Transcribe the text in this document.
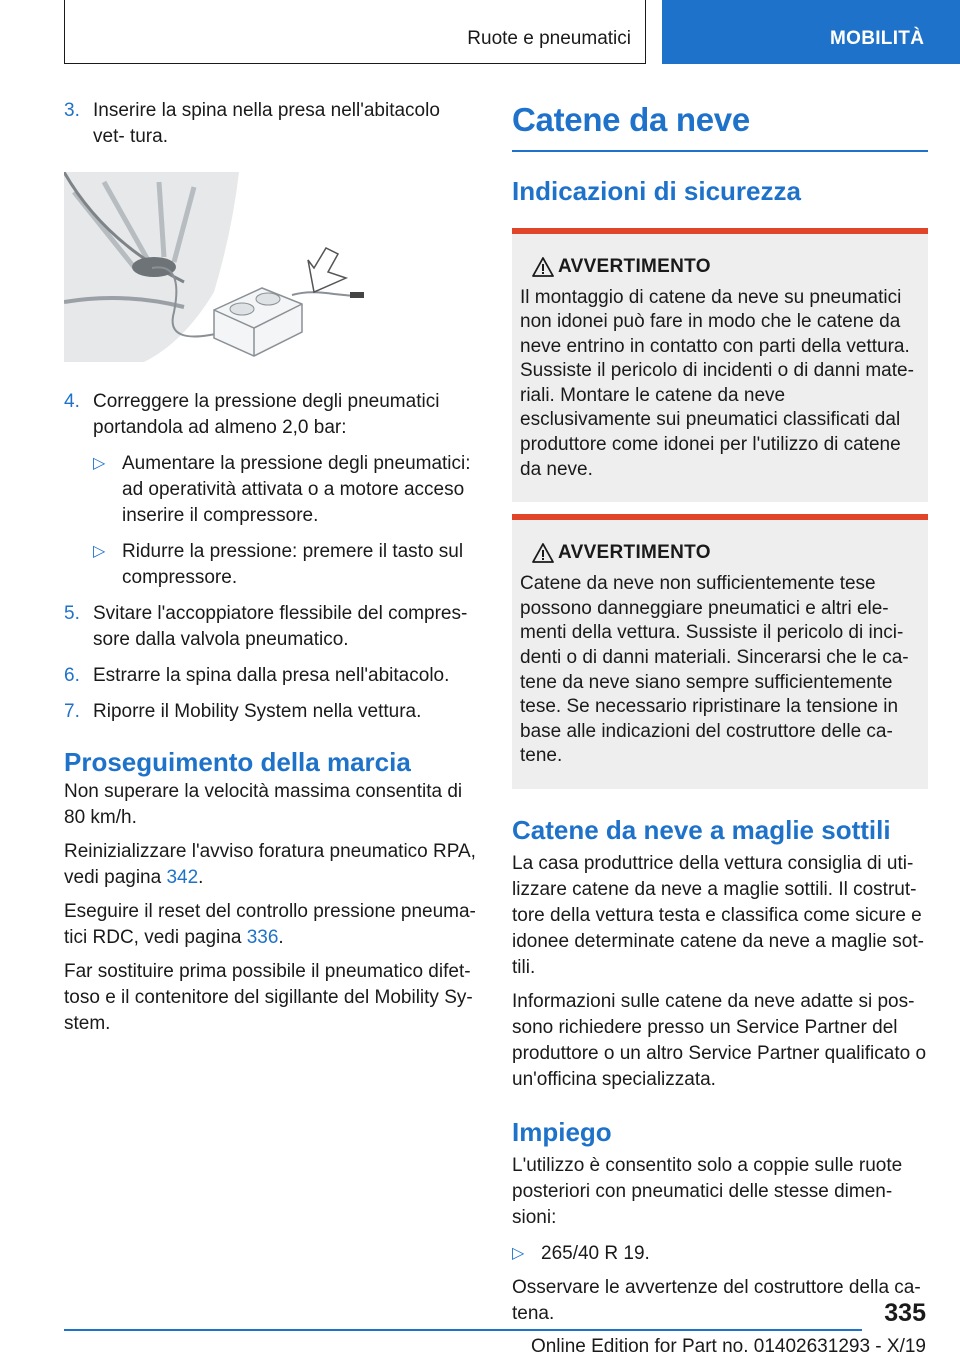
Ruote e pneumatici	MOBILITÀ
3. Inserire la spina nella presa nell'abitacolo vet- tura.
4. Correggere la pressione degli pneumatici portandola ad almeno 2,0 bar:
▷ Aumentare la pressione degli pneumatici: ad operatività attivata o a motore acceso inserire il compressore.
▷ Ridurre la pressione: premere il tasto sul compressore.
5. Svitare l'accoppiatore flessibile del compres- sore dalla valvola pneumatico.
6. Estrarre la spina dalla presa nell'abitacolo.
7. Riporre il Mobility System nella vettura.
Proseguimento della marcia

Non superare la velocità massima consentita di 80 km/h.

Reinizializzare l'avviso foratura pneumatico RPA, vedi pagina 342.

Eseguire il reset del controllo pressione pneuma- tici RDC, vedi pagina 336.

Far sostituire prima possibile il pneumatico difet- toso e il contenitore del sigillante del Mobility Sy- stem.

Catene da neve
Indicazioni di sicurezza
AVVERTIMENTO

Il montaggio di catene da neve su pneumatici non idonei può fare in modo che le catene da neve entrino in contatto con parti della vettura. Sussiste il pericolo di incidenti o di danni mate- riali. Montare le catene da neve esclusivamente sui pneumatici classificati dal produttore come idonei per l'utilizzo di catene da neve.

AVVERTIMENTO

Catene da neve non sufficientemente tese possono danneggiare pneumatici e altri ele- menti della vettura. Sussiste il pericolo di inci- denti o di danni materiali. Sincerarsi che le ca- tene da neve siano sempre sufficientemente tese. Se necessario ripristinare la tensione in base alle indicazioni del costruttore delle ca- tene.

Catene da neve a maglie sottili

La casa produttrice della vettura consiglia di uti- lizzare catene da neve a maglie sottili. Il costrut- tore della vettura testa e classifica come sicure e idonee determinate catene da neve a maglie sot- tili.

Informazioni sulle catene da neve adatte si pos- sono richiedere presso un Service Partner del produttore o un altro Service Partner qualificato o un'officina specializzata.

Impiego

L'utilizzo è consentito solo a coppie sulle ruote posteriori con pneumatici delle stesse dimen- sioni:

▷ 265/40 R 19.

Osservare le avvertenze del costruttore della ca- tena.	335
Online Edition for Part no. 01402631293 - X/19
